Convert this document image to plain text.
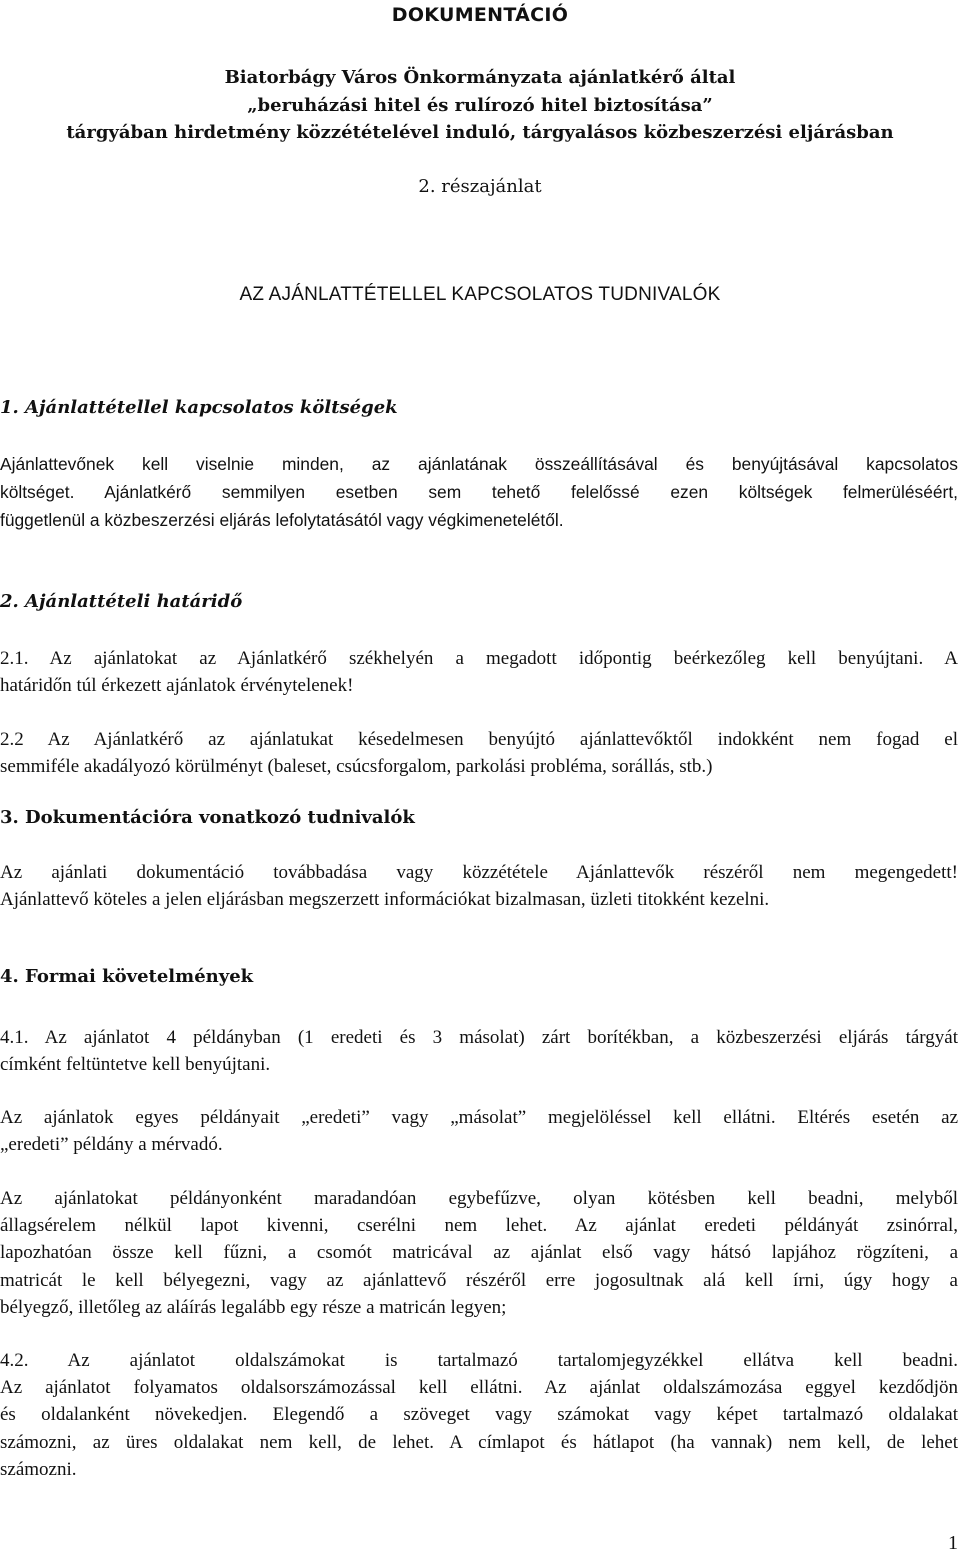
DOKUMENTÁCIÓ
Biatorbágy Város Önkormányzata ajánlatkérő által
„beruházási hitel és rulírozó hitel biztosítása”
tárgyában hirdetmény közzétételével induló, tárgyalásos közbeszerzési eljárásban
2. részajánlat
AZ AJÁNLATTÉTELLEL KAPCSOLATOS TUDNIVALÓK
1. Ajánlattétellel kapcsolatos költségek
Ajánlattevőnek kell viselnie minden, az ajánlatának összeállításával és benyújtásával kapcsolatos
költséget. Ajánlatkérő semmilyen esetben sem tehető felelőssé ezen költségek felmerüléséért,
függetlenül a közbeszerzési eljárás lefolytatásától vagy végkimenetelétől.
2. Ajánlattételi határidő
2.1. Az ajánlatokat az Ajánlatkérő székhelyén a megadott időpontig beérkezőleg kell benyújtani. A
határidőn túl érkezett ajánlatok érvénytelenek!
2.2 Az Ajánlatkérő az ajánlatukat késedelmesen benyújtó ajánlattevőktől indokként nem fogad el
semmiféle akadályozó körülményt (baleset, csúcsforgalom, parkolási probléma, sorállás, stb.)
3. Dokumentációra vonatkozó tudnivalók
Az ajánlati dokumentáció továbbadása vagy közzététele Ajánlattevők részéről nem megengedett!
Ajánlattevő köteles a jelen eljárásban megszerzett információkat bizalmasan, üzleti titokként kezelni.
4. Formai követelmények
4.1. Az ajánlatot 4 példányban (1 eredeti és 3 másolat) zárt borítékban, a közbeszerzési eljárás tárgyát
címként feltüntetve kell benyújtani.
Az ajánlatok egyes példányait „eredeti” vagy „másolat” megjelöléssel kell ellátni. Eltérés esetén az
„eredeti” példány a mérvadó.
Az ajánlatokat példányonként maradandóan egybefűzve, olyan kötésben kell beadni, melyből
állagsérelem nélkül lapot kivenni, cserélni nem lehet. Az ajánlat eredeti példányát zsinórral,
lapozhatóan össze kell fűzni, a csomót matricával az ajánlat első vagy hátsó lapjához rögzíteni, a
matricát le kell bélyegezni, vagy az ajánlattevő részéről erre jogosultnak alá kell írni, úgy hogy a
bélyegző, illetőleg az aláírás legalább egy része a matricán legyen;
4.2. Az ajánlatot oldalszámokat is tartalmazó tartalomjegyzékkel ellátva kell beadni.
Az ajánlatot folyamatos oldalsorszámozással kell ellátni. Az ajánlat oldalszámozása eggyel kezdődjön
és oldalanként növekedjen. Elegendő a szöveget vagy számokat vagy képet tartalmazó oldalakat
számozni, az üres oldalakat nem kell, de lehet. A címlapot és hátlapot (ha vannak) nem kell, de lehet
számozni.
1
